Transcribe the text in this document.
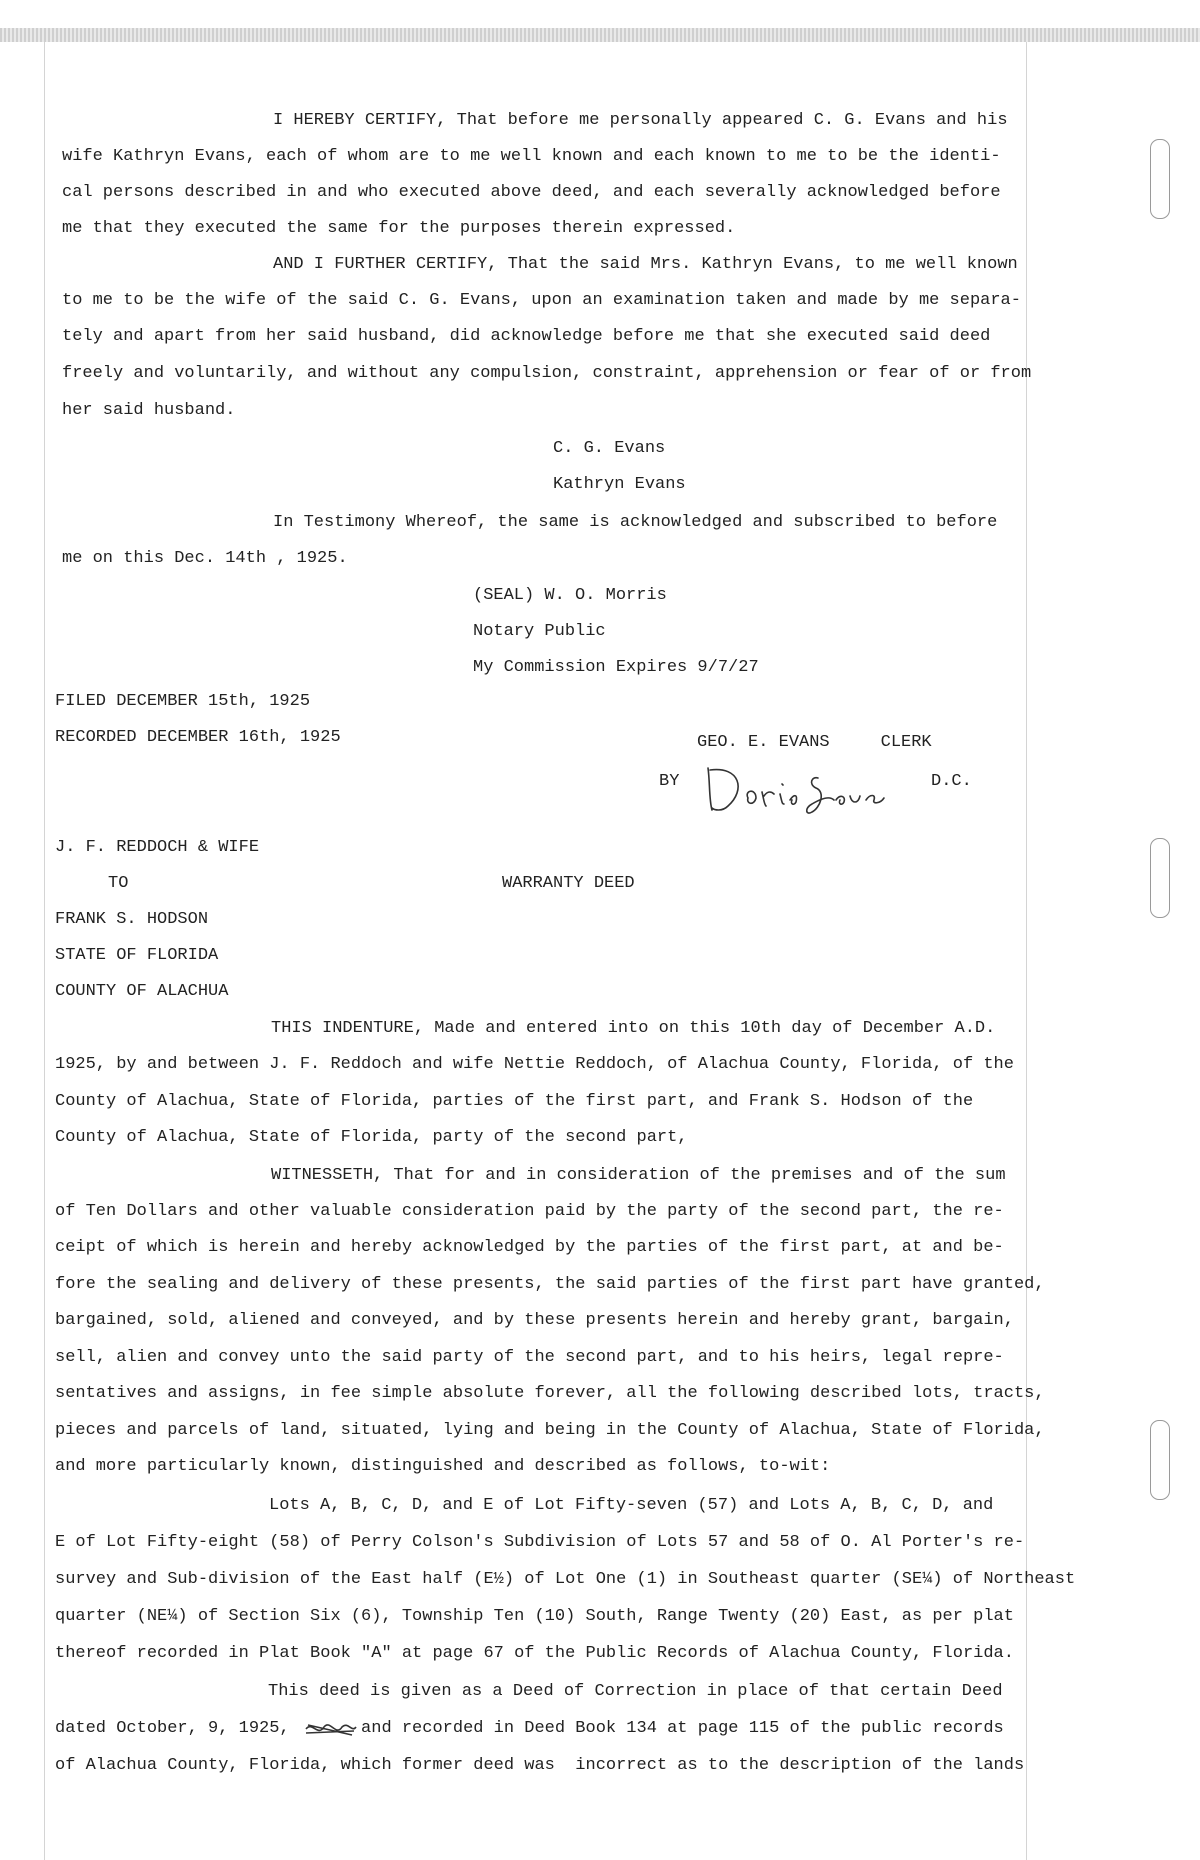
I HEREBY CERTIFY, That before me personally appeared C. G. Evans and his
wife Kathryn Evans, each of whom are to me well known and each known to me to be the identi-
cal persons described in and who executed above deed, and each severally acknowledged before
me that they executed the same for the purposes therein expressed.
AND I FURTHER CERTIFY, That the said Mrs. Kathryn Evans, to me well known
to me to be the wife of the said C. G. Evans, upon an examination taken and made by me separa-
tely and apart from her said husband, did acknowledge before me that she executed said deed
freely and voluntarily, and without any compulsion, constraint, apprehension or fear of or from
her said husband.
C. G. Evans
Kathryn Evans
In Testimony Whereof, the same is acknowledged and subscribed to before
me on this Dec. 14th , 1925.
(SEAL) W. O. Morris
Notary Public
My Commission Expires 9/7/27
FILED DECEMBER 15th, 1925
RECORDED DECEMBER 16th, 1925	GEO. E. EVANS     CLERK
BY	D.C.
J. F. REDDOCH & WIFE
TO	WARRANTY DEED
FRANK S. HODSON
STATE OF FLORIDA
COUNTY OF ALACHUA
THIS INDENTURE, Made and entered into on this 10th day of December A.D.
1925, by and between J. F. Reddoch and wife Nettie Reddoch, of Alachua County, Florida, of the
County of Alachua, State of Florida, parties of the first part, and Frank S. Hodson of the
County of Alachua, State of Florida, party of the second part,
WITNESSETH, That for and in consideration of the premises and of the sum
of Ten Dollars and other valuable consideration paid by the party of the second part, the re-
ceipt of which is herein and hereby acknowledged by the parties of the first part, at and be-
fore the sealing and delivery of these presents, the said parties of the first part have granted,
bargained, sold, aliened and conveyed, and by these presents herein and hereby grant, bargain,
sell, alien and convey unto the said party of the second part, and to his heirs, legal repre-
sentatives and assigns, in fee simple absolute forever, all the following described lots, tracts,
pieces and parcels of land, situated, lying and being in the County of Alachua, State of Florida,
and more particularly known, distinguished and described as follows, to-wit:
Lots A, B, C, D, and E of Lot Fifty-seven (57) and Lots A, B, C, D, and
E of Lot Fifty-eight (58) of Perry Colson's Subdivision of Lots 57 and 58 of O. Al Porter's re-
survey and Sub-division of the East half (E½) of Lot One (1) in Southeast quarter (SE¼) of Northeast
quarter (NE¼) of Section Six (6), Township Ten (10) South, Range Twenty (20) East, as per plat
thereof recorded in Plat Book "A" at page 67 of the Public Records of Alachua County, Florida.
This deed is given as a Deed of Correction in place of that certain Deed
dated October, 9, 1925,       and recorded in Deed Book 134 at page 115 of the public records
of Alachua County, Florida, which former deed was  incorrect as to the description of the lands
